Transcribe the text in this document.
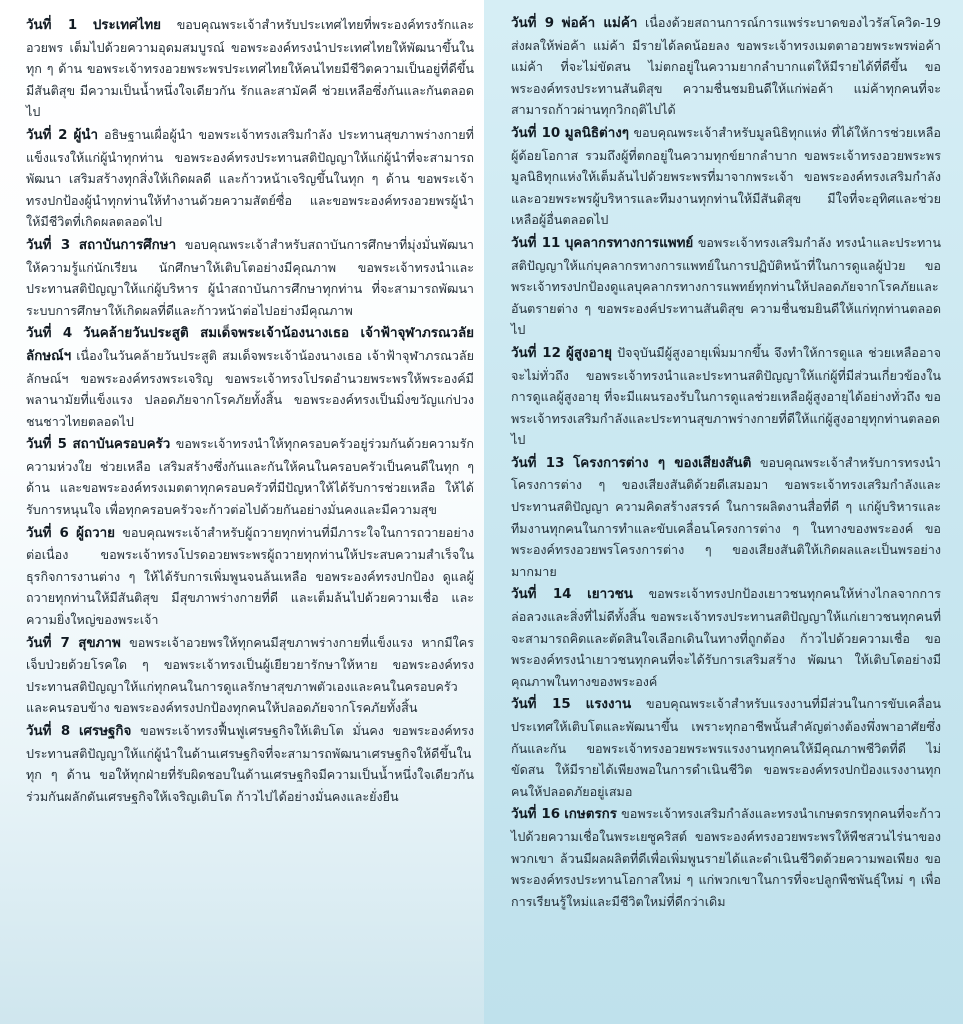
วันที่ 1 ประเทศไทย ขอบคุณพระเจ้าสำหรับประเทศไทยที่พระองค์ทรงรักและอวยพร เต็มไปด้วยความอุดมสมบูรณ์ ขอพระองค์ทรงนำประเทศไทยให้พัฒนาขึ้นในทุก ๆ ด้าน ขอพระเจ้าทรงอวยพระพรประเทศไทยให้คนไทยมีชีวิตความเป็นอยู่ที่ดีขึ้น มีสันติสุข มีความเป็นน้ำหนึ่งใจเดียวกัน รักและสามัคคี ช่วยเหลือซึ่งกันและกันตลอดไป
วันที่ 2 ผู้นำ อธิษฐานเผื่อผู้นำ ขอพระเจ้าทรงเสริมกำลัง ประทานสุขภาพร่างกายที่แข็งแรงให้แก่ผู้นำทุกท่าน ขอพระองค์ทรงประทานสติปัญญาให้แก่ผู้นำที่จะสามารถพัฒนา เสริมสร้างทุกสิ่งให้เกิดผลดี และก้าวหน้าเจริญขึ้นในทุก ๆ ด้าน ขอพระเจ้าทรงปกป้องผู้นำทุกท่านให้ทำงานด้วยความสัตย์ซื่อ และขอพระองค์ทรงอวยพรผู้นำให้มีชีวิตที่เกิดผลตลอดไป
วันที่ 3 สถาบันการศึกษา ขอบคุณพระเจ้าสำหรับสถาบันการศึกษาที่มุ่งมั่นพัฒนา ให้ความรู้แก่นักเรียน นักศึกษาให้เติบโตอย่างมีคุณภาพ ขอพระเจ้าทรงนำและประทานสติปัญญาให้แก่ผู้บริหาร ผู้นำสถาบันการศึกษาทุกท่าน ที่จะสามารถพัฒนาระบบการศึกษาให้เกิดผลที่ดีและก้าวหน้าต่อไปอย่างมีคุณภาพ
วันที่ 4 วันคล้ายวันประสูติ สมเด็จพระเจ้าน้องนางเธอ เจ้าฟ้าจุฬาภรณวลัยลักษณ์ฯ เนื่องในวันคล้ายวันประสูติ สมเด็จพระเจ้าน้องนางเธอ เจ้าฟ้าจุฬาภรณวลัยลักษณ์ฯ ขอพระองค์ทรงพระเจริญ ขอพระเจ้าทรงโปรดอำนวยพระพรให้พระองค์มีพลานามัยที่แข็งแรง ปลอดภัยจากโรคภัยทั้งสิ้น ขอพระองค์ทรงเป็นมิ่งขวัญแก่ปวงชนชาวไทยตลอดไป
วันที่ 5 สถาบันครอบครัว ขอพระเจ้าทรงนำให้ทุกครอบครัวอยู่ร่วมกันด้วยความรัก ความห่วงใย ช่วยเหลือ เสริมสร้างซึ่งกันและกันให้คนในครอบครัวเป็นคนดีในทุก ๆ ด้าน และขอพระองค์ทรงเมตตาทุกครอบครัวที่มีปัญหาให้ได้รับการช่วยเหลือ ให้ได้รับการหนุนใจ เพื่อทุกครอบครัวจะก้าวต่อไปด้วยกันอย่างมั่นคงและมีความสุข
วันที่ 6 ผู้ถวาย ขอบคุณพระเจ้าสำหรับผู้ถวายทุกท่านที่มีภาระใจในการถวายอย่างต่อเนื่อง ขอพระเจ้าทรงโปรดอวยพระพรผู้ถวายทุกท่านให้ประสบความสำเร็จในธุรกิจการงานต่าง ๆ ให้ได้รับการเพิ่มพูนจนล้นเหลือ ขอพระองค์ทรงปกป้อง ดูแลผู้ถวายทุกท่านให้มีสันติสุข มีสุขภาพร่างกายที่ดี และเต็มล้นไปด้วยความเชื่อ และความยิ่งใหญ่ของพระเจ้า
วันที่ 7 สุขภาพ ขอพระเจ้าอวยพรให้ทุกคนมีสุขภาพร่างกายที่แข็งแรง หากมีใครเจ็บป่วยด้วยโรคใด ๆ ขอพระเจ้าทรงเป็นผู้เยียวยารักษาให้หาย ขอพระองค์ทรงประทานสติปัญญาให้แก่ทุกคนในการดูแลรักษาสุขภาพตัวเองและคนในครอบครัวและคนรอบข้าง ขอพระองค์ทรงปกป้องทุกคนให้ปลอดภัยจากโรคภัยทั้งสิ้น
วันที่ 8 เศรษฐกิจ ขอพระเจ้าทรงฟื้นฟูเศรษฐกิจให้เติบโต มั่นคง ขอพระองค์ทรงประทานสติปัญญาให้แก่ผู้นำในด้านเศรษฐกิจที่จะสามารถพัฒนาเศรษฐกิจให้ดีขึ้นในทุก ๆ ด้าน ขอให้ทุกฝ่ายที่รับผิดชอบในด้านเศรษฐกิจมีความเป็นน้ำหนึ่งใจเดียวกัน ร่วมกันผลักดันเศรษฐกิจให้เจริญเติบโต ก้าวไปได้อย่างมั่นคงและยั่งยืน
วันที่ 9 พ่อค้า แม่ค้า เนื่องด้วยสถานการณ์การแพร่ระบาดของไวรัสโควิด-19 ส่งผลให้พ่อค้า แม่ค้า มีรายได้ลดน้อยลง ขอพระเจ้าทรงเมตตาอวยพระพรพ่อค้า แม่ค้า ที่จะไม่ขัดสน ไม่ตกอยู่ในความยากลำบากแต่ให้มีรายได้ที่ดีขึ้น ขอพระองค์ทรงประทานสันติสุข ความชื่นชมยินดีให้แก่พ่อค้า แม่ค้าทุกคนที่จะสามารถก้าวผ่านทุกวิกฤติไปได้
วันที่ 10 มูลนิธิต่างๆ ขอบคุณพระเจ้าสำหรับมูลนิธิทุกแห่ง ที่ได้ให้การช่วยเหลือผู้ด้อยโอกาส รวมถึงผู้ที่ตกอยู่ในความทุกข์ยากลำบาก ขอพระเจ้าทรงอวยพระพรมูลนิธิทุกแห่งให้เต็มล้นไปด้วยพระพรที่มาจากพระเจ้า ขอพระองค์ทรงเสริมกำลังและอวยพระพรผู้บริหารและทีมงานทุกท่านให้มีสันติสุข มีใจที่จะอุทิศและช่วยเหลือผู้อื่นตลอดไป
วันที่ 11 บุคลากรทางการแพทย์ ขอพระเจ้าทรงเสริมกำลัง ทรงนำและประทานสติปัญญาให้แก่บุคลากรทางการแพทย์ในการปฏิบัติหน้าที่ในการดูแลผู้ป่วย ขอพระเจ้าทรงปกป้องดูแลบุคลากรทางการแพทย์ทุกท่านให้ปลอดภัยจากโรคภัยและอันตรายต่าง ๆ ขอพระองค์ประทานสันติสุข ความชื่นชมยินดีให้แก่ทุกท่านตลอดไป
วันที่ 12 ผู้สูงอายุ ปัจจุบันมีผู้สูงอายุเพิ่มมากขึ้น จึงทำให้การดูแล ช่วยเหลืออาจจะไม่ทั่วถึง ขอพระเจ้าทรงนำและประทานสติปัญญาให้แก่ผู้ที่มีส่วนเกี่ยวข้องในการดูแลผู้สูงอายุ ที่จะมีแผนรองรับในการดูแลช่วยเหลือผู้สูงอายุได้อย่างทั่วถึง ขอพระเจ้าทรงเสริมกำลังและประทานสุขภาพร่างกายที่ดีให้แก่ผู้สูงอายุทุกท่านตลอดไป
วันที่ 13 โครงการต่าง ๆ ของเสียงสันติ ขอบคุณพระเจ้าสำหรับการทรงนำโครงการต่าง ๆ ของเสียงสันติด้วยดีเสมอมา ขอพระเจ้าทรงเสริมกำลังและประทานสติปัญญา ความคิดสร้างสรรค์ ในการผลิตงานสื่อที่ดี ๆ แก่ผู้บริหารและทีมงานทุกคนในการทำและขับเคลื่อนโครงการต่าง ๆ ในทางของพระองค์ ขอพระองค์ทรงอวยพรโครงการต่าง ๆ ของเสียงสันติให้เกิดผลและเป็นพรอย่างมากมาย
วันที่ 14 เยาวชน ขอพระเจ้าทรงปกป้องเยาวชนทุกคนให้ห่างไกลจากการล่อลวงและสิ่งที่ไม่ดีทั้งสิ้น ขอพระเจ้าทรงประทานสติปัญญาให้แก่เยาวชนทุกคนที่จะสามารถคิดและตัดสินใจเลือกเดินในทางที่ถูกต้อง ก้าวไปด้วยความเชื่อ ขอพระองค์ทรงนำเยาวชนทุกคนที่จะได้รับการเสริมสร้าง พัฒนา ให้เติบโตอย่างมีคุณภาพในทางของพระองค์
วันที่ 15 แรงงาน ขอบคุณพระเจ้าสำหรับแรงงานที่มีส่วนในการขับเคลื่อนประเทศให้เติบโตและพัฒนาขึ้น เพราะทุกอาชีพนั้นสำคัญต่างต้องพึ่งพาอาศัยซึ่งกันและกัน ขอพระเจ้าทรงอวยพระพรแรงงานทุกคนให้มีคุณภาพชีวิตที่ดี ไม่ขัดสน ให้มีรายได้เพียงพอในการดำเนินชีวิต ขอพระองค์ทรงปกป้องแรงงานทุกคนให้ปลอดภัยอยู่เสมอ
วันที่ 16 เกษตรกร ขอพระเจ้าทรงเสริมกำลังและทรงนำเกษตรกรทุกคนที่จะก้าวไปด้วยความเชื่อในพระเยซูคริสต์ ขอพระองค์ทรงอวยพระพรให้พืชสวนไร่นาของพวกเขา ล้วนมีผลผลิตที่ดีเพื่อเพิ่มพูนรายได้และดำเนินชีวิตด้วยความพอเพียง ขอพระองค์ทรงประทานโอกาสใหม่ ๆ แก่พวกเขาในการที่จะปลูกพืชพันธุ์ใหม่ ๆ เพื่อการเรียนรู้ใหม่และมีชีวิตใหม่ที่ดีกว่าเดิม
